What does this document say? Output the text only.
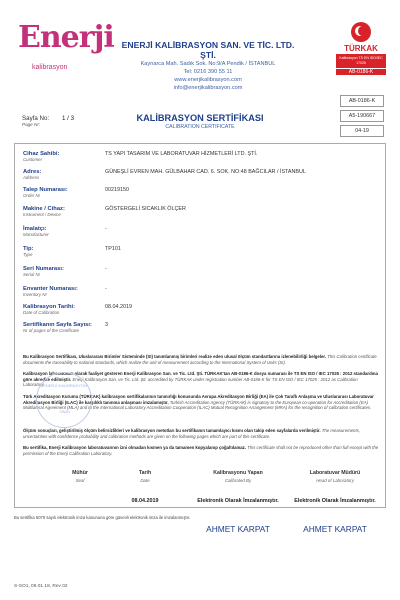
Enerji
kalibrasyon
ENERJİ KALİBRASYON SAN. VE TİC. LTD. ŞTİ.
Kaynarca Mah. Sadık Sok. No:9/A Pendik / İSTANBUL
Tel: 0216 390 55 11
www.enerjikalibrasyon.com
info@enerjikalibrasyon.com
TÜRKAK
Kalibrasyon TS EN ISO/IEC 17025
AB-0186-K
AB-0186-K
A5-190667
04-19
Sayfa No: 1 / 3
Page Nr:
KALİBRASYON SERTİFİKASI
CALIBRATION CERTIFICATE
Cihaz Sahibi:
Customer
TS YAPI TASARIM VE LABORATUVAR HİZMETLERİ LTD. ŞTİ.
Adres:
Address
GÜNEŞLİ EVREN MAH. GÜLBAHAR CAD. 6. SOK. NO:48 BAĞCILAR / İSTANBUL
Talep Numarası:
Order Nr
00219150
Makine / Cihaz:
Instrument / Device
GÖSTERGELİ SICAKLIK ÖLÇER
İmalatçı:
Manufacturer
-
Tip:
Type
TP101
Seri Numarası:
Serial Nr
-
Envanter Numarası:
Inventory Nr
-
Kalibrasyon Tarihi:
Date of Calibration
08.04.2019
Sertifikanın Sayfa Sayısı:
Nr of pages of the Certificate
3
Bu Kalibrasyon Sertifikası, Uluslararası Birimler Sisteminde (SI) tanımlanmış birimleri realize eden ulusal ölçüm standartlarına izlenebilirliği belgeler. This Calibration certificate documents the traceability to national standards, which realize the unit of measurement according to the International System of Units (SI).
Kalibrasyon laboratuvarı olarak faaliyet gösteren Enerji Kalibrasyon San. ve Tic. Ltd. Şti. TÜRKAK'tan AB-0186-K dosya numarası ile TS EN ISO / IEC 17025 : 2012 standardına göre akredite edilmiştir. Enerji Kalibrasyon San. ve Tic. Ltd. Şti. accredited by TÜRKAK under registration number AB-0186-K for TS EN ISO / IEC 17025 : 2012 as Calibration Laboratory.
Türk Akreditasyon Kurumu (TÜRKAK) kalibrasyon sertifikalarının tanınırlığı konusunda Avrupa Akreditasyon Birliği (EA) ile Çok Taraflı Anlaşma ve Uluslararası Laboratuvar Akreditasyon Birliği (ILAC) ile karşılıklı tanınma anlaşması imzalamıştır. Turkish Accreditation Agency (TÜRKAK) is signatory to the European co-operation for Accreditation (EA) Multilateral Agreement (MLA) and to the International Laboratory Accreditation Cooperation (ILAC) Mutual Recognition Arrangement (MRA) for the recognition of calibration certificates.
Ölçüm sonuçları, geliştirilmiş ölçüm belirsizlikleri ve kalibrasyon metotları bu sertifikanın tamamlayıcı kısmı olan takip eden sayfalarda verilmiştir. The measurements, uncertainties with confidence probability and calibration methods are given on the following pages which are part of this certificate.
Bu sertifika, Enerji Kalibrasyon laboratuvarının izni olmadan kısmen ya da tamamen kopyalanıp çoğaltılamaz. This certificate shall not be reproduced other than full except with the permission of the Enerji Calibration Laboratory.
Mühür
Seal
Tarih
Date
08.04.2019
Kalibrasyonu Yapan
Calibrated By
Elektronik Olarak İmzalanmıştır.
AHMET KARPAT
Laboratuvar Müdürü
Head of Laboratory
Elektronik Olarak İmzalanmıştır.
AHMET KARPAT
ENERJİ KALİBRASYON
ONAY
Bu sertifika 5070 sayılı elektronik imza kanununa göre güvenli elektronik imza ile imzalanmıştır.
S-SO1, 08.01.18, Rev 02
